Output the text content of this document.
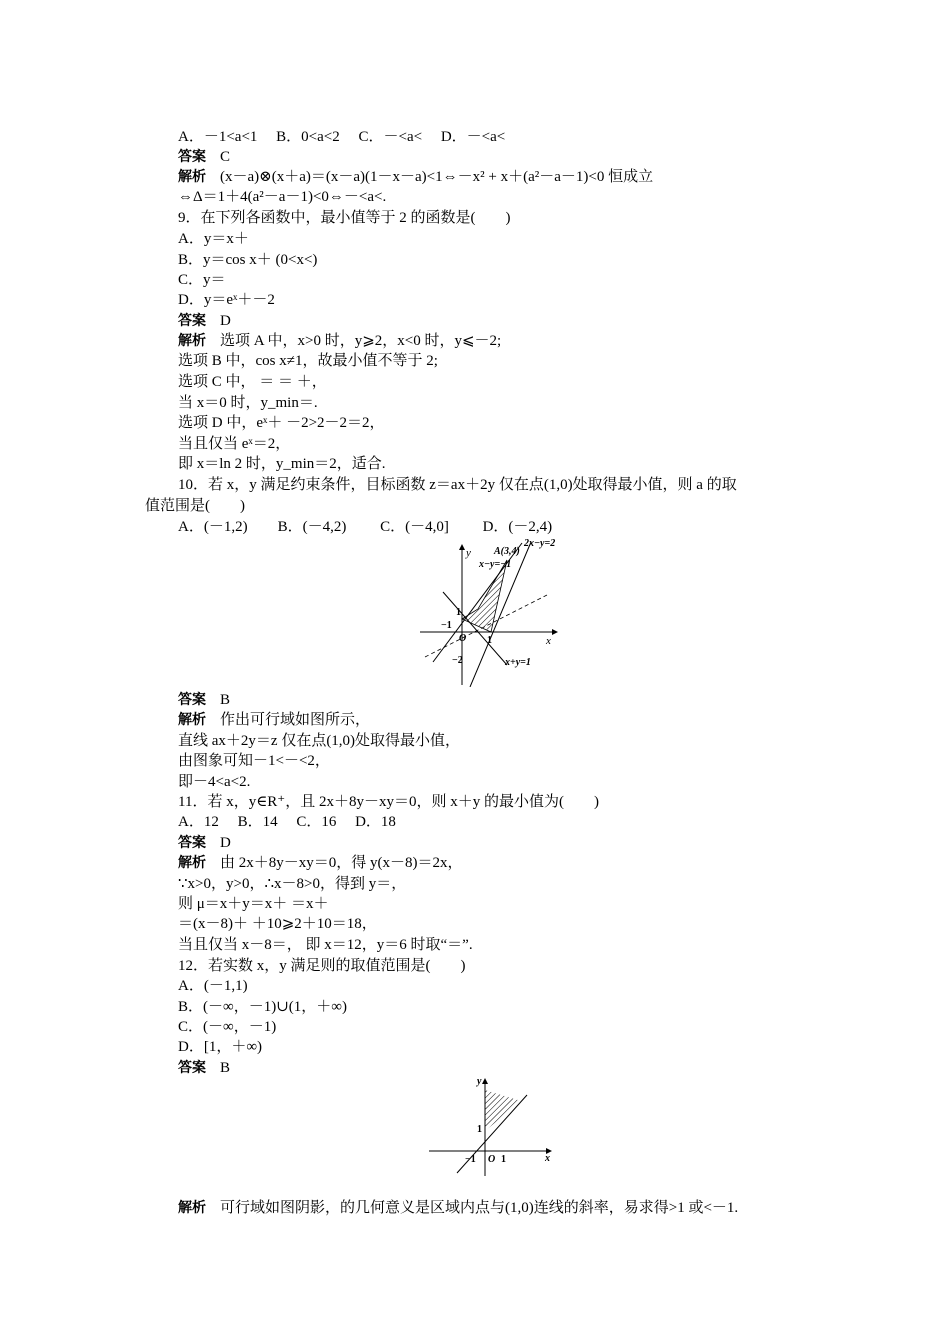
A．－1<a<1　 B．0<a<2　 C．－<a<　 D．－<a<
答案 C
解析 (x－a)⊗(x＋a)＝(x－a)(1－x－a)<1⇔－x² + x＋(a²－a－1)<0 恒成立
⇔Δ＝1＋4(a²－a－1)<0⇔－<a<.
9．在下列各函数中，最小值等于 2 的函数是(　　)
A．y＝x＋
B．y＝cos x＋ (0<x<)
C．y＝
D．y＝eˣ＋－2
答案 D
解析 选项 A 中，x>0 时，y⩾2，x<0 时，y⩽－2;
选项 B 中，cos x≠1，故最小值不等于 2;
选项 C 中， ＝ ＝ ＋，
当 x＝0 时，y_min＝.
选项 D 中，eˣ＋ －2>2－2＝2，
当且仅当 eˣ＝2，
即 x＝ln 2 时，y_min＝2，适合.
10．若 x，y 满足约束条件，目标函数 z＝ax＋2y 仅在点(1,0)处取得最小值，则 a 的取
值范围是(　　)
A．(－1,2)　　B．(－4,2)　　 C．(－4,0]　　 D．(－2,4)
y
x
O
A(3,4)
2x−y=2
x−y=−1
x+y=1
1
−1
1
−2
答案 B
解析 作出可行域如图所示，
直线 ax＋2y＝z 仅在点(1,0)处取得最小值，
由图象可知－1<－<2，
即－4<a<2.
11．若 x，y∈R⁺，且 2x＋8y－xy＝0，则 x＋y 的最小值为(　　)
A．12　 B．14　 C．16　 D．18
答案 D
解析 由 2x＋8y－xy＝0，得 y(x－8)＝2x，
∵x>0，y>0，∴x－8>0，得到 y＝，
则 μ＝x＋y＝x＋ ＝x＋
＝(x－8)＋ ＋10⩾2＋10＝18，
当且仅当 x－8＝， 即 x＝12，y＝6 时取“＝”.
12．若实数 x，y 满足则的取值范围是(　　)
A．(－1,1)
B．(－∞，－1)∪(1，＋∞)
C．(－∞，－1)
D．[1，＋∞)
答案 B
y
x
O
1
−1	1
解析 可行域如图阴影，的几何意义是区域内点与(1,0)连线的斜率，易求得>1 或<－1.
